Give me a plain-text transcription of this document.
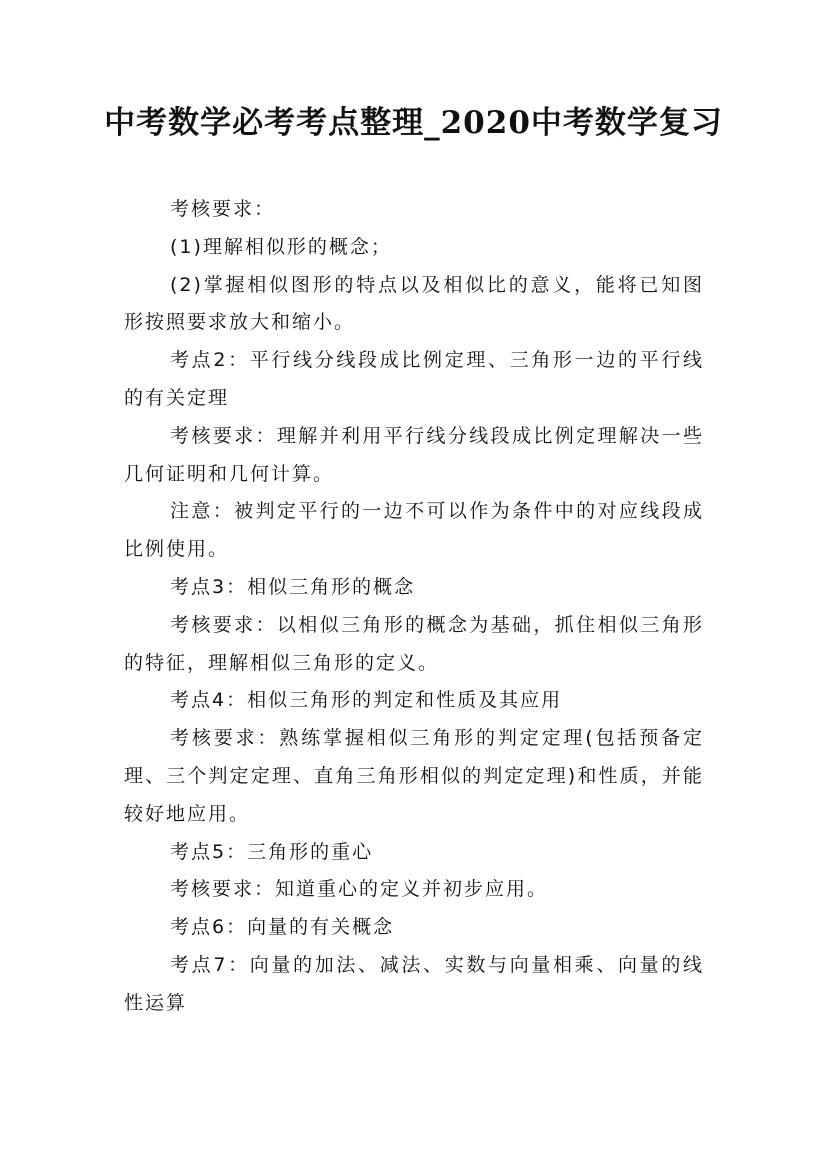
中考数学必考考点整理_2020中考数学复习

考核要求：

(1)理解相似形的概念；

(2)掌握相似图形的特点以及相似比的意义，能将已知图形按照要求放大和缩小。

考点2：平行线分线段成比例定理、三角形一边的平行线的有关定理

考核要求：理解并利用平行线分线段成比例定理解决一些几何证明和几何计算。

注意：被判定平行的一边不可以作为条件中的对应线段成比例使用。

考点3：相似三角形的概念

考核要求：以相似三角形的概念为基础，抓住相似三角形的特征，理解相似三角形的定义。

考点4：相似三角形的判定和性质及其应用

考核要求：熟练掌握相似三角形的判定定理(包括预备定理、三个判定定理、直角三角形相似的判定定理)和性质，并能较好地应用。

考点5：三角形的重心

考核要求：知道重心的定义并初步应用。

考点6：向量的有关概念

考点7：向量的加法、减法、实数与向量相乘、向量的线性运算
